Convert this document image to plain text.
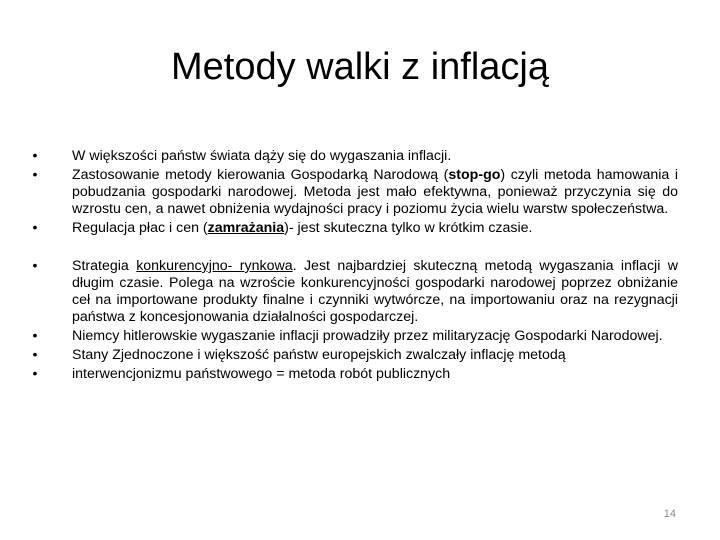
Metody walki z inflacją
• W większości państw świata dąży się do wygaszania inflacji.
• Zastosowanie metody kierowania Gospodarką Narodową (stop-go) czyli metoda hamowania i pobudzania gospodarki narodowej. Metoda jest mało efektywna, ponieważ przyczynia się do wzrostu cen, a nawet obniżenia wydajności pracy i poziomu życia wielu warstw społeczeństwa.
• Regulacja płac i cen (zamrażania)- jest skuteczna tylko w krótkim czasie.
• Strategia konkurencyjno- rynkowa. Jest najbardziej skuteczną metodą wygaszania inflacji w długim czasie. Polega na wzroście konkurencyjności gospodarki narodowej poprzez obniżanie ceł na importowane produkty finalne i czynniki wytwórcze, na importowaniu oraz na rezygnacji państwa z koncesjonowania działalności gospodarczej.
• Niemcy hitlerowskie wygaszanie inflacji prowadziły przez militaryzację Gospodarki Narodowej.
• Stany Zjednoczone i większość państw europejskich zwalczały inflację metodą
• interwencjonizmu państwowego = metoda robót publicznych
14
